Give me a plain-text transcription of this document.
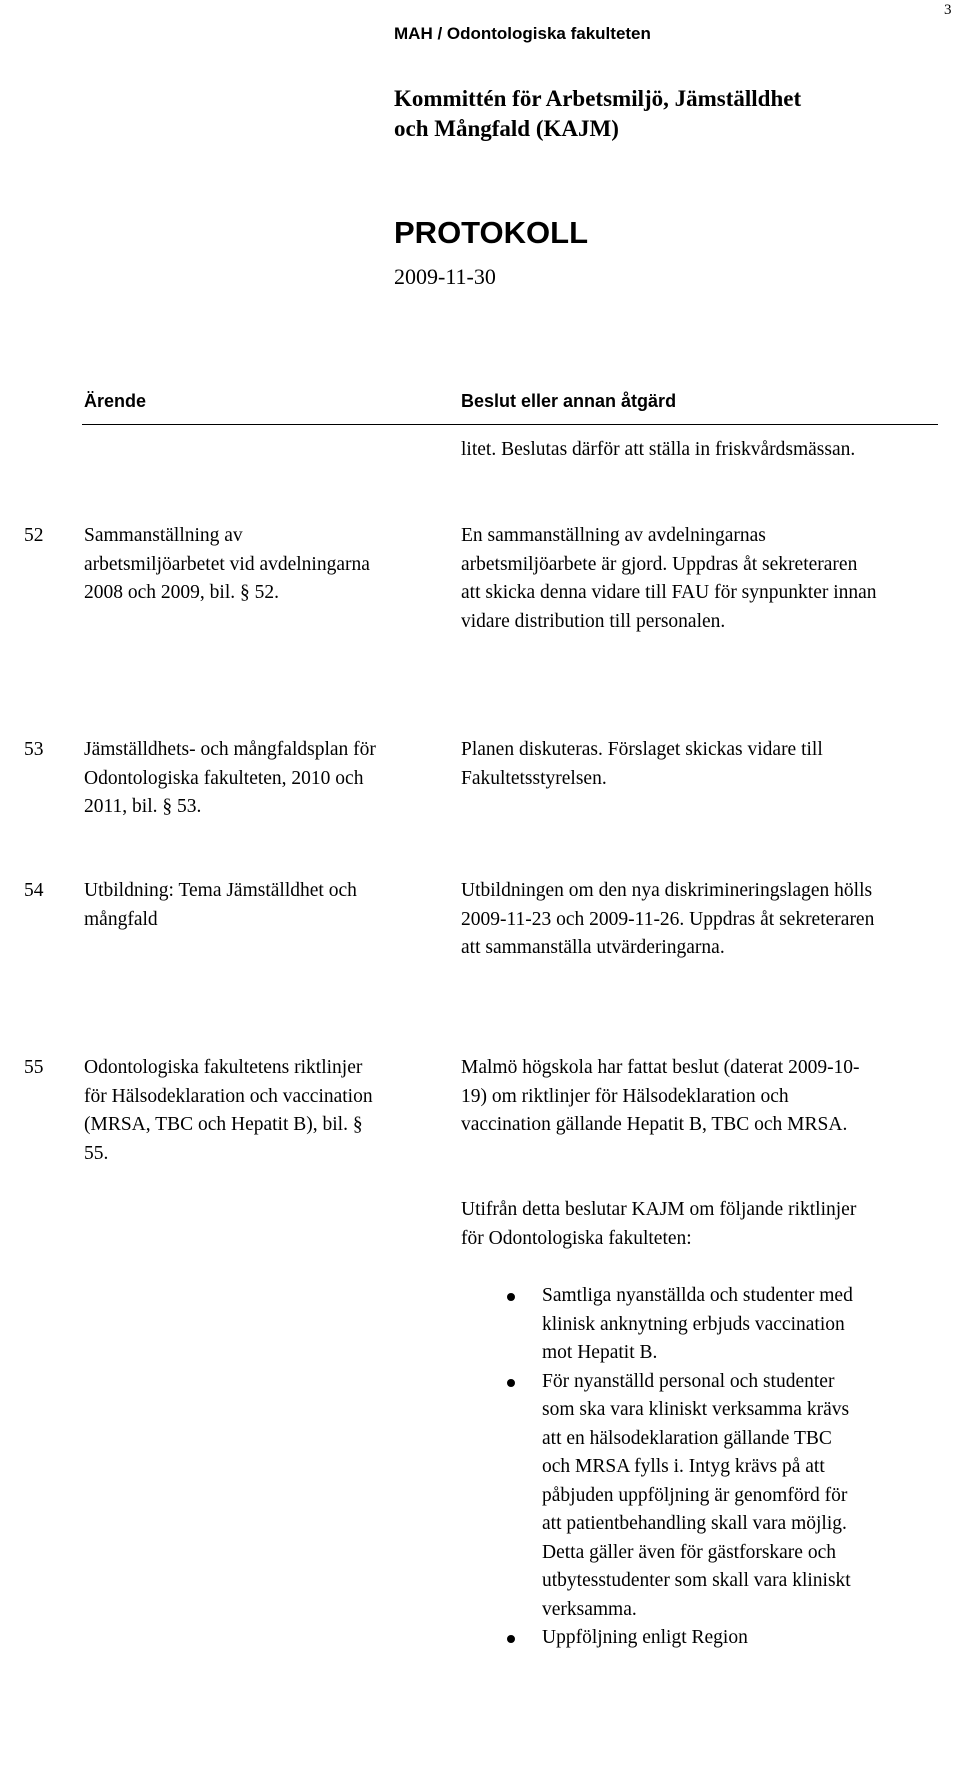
3
MAH / Odontologiska fakulteten
Kommittén för Arbetsmiljö, Jämställdhet
och Mångfald (KAJM)
PROTOKOLL
2009-11-30
Ärende	Beslut eller annan åtgärd
litet. Beslutas därför att ställa in friskvårdsmässan.
52 Sammanställning av arbetsmiljöarbetet vid avdelningarna 2008 och 2009, bil. § 52.
En sammanställning av avdelningarnas arbetsmiljöarbete är gjord. Uppdras åt sekreteraren att skicka denna vidare till FAU för synpunkter innan vidare distribution till personalen.
53 Jämställdhets- och mångfaldsplan för Odontologiska fakulteten, 2010 och 2011, bil. § 53.
Planen diskuteras. Förslaget skickas vidare till Fakultetsstyrelsen.
54 Utbildning: Tema Jämställdhet och mångfald
Utbildningen om den nya diskrimineringslagen hölls 2009-11-23 och 2009-11-26. Uppdras åt sekreteraren att sammanställa utvärderingarna.
55 Odontologiska fakultetens riktlinjer för Hälsodeklaration och vaccination (MRSA, TBC och Hepatit B), bil. § 55.
Malmö högskola har fattat beslut (daterat 2009-10-19) om riktlinjer för Hälsodeklaration och vaccination gällande Hepatit B, TBC och MRSA.
Utifrån detta beslutar KAJM om följande riktlinjer för Odontologiska fakulteten:
Samtliga nyanställda och studenter med klinisk anknytning erbjuds vaccination mot Hepatit B.
För nyanställd personal och studenter som ska vara kliniskt verksamma krävs att en hälsodeklaration gällande TBC och MRSA fylls i. Intyg krävs på att påbjuden uppföljning är genomförd för att patientbehandling skall vara möjlig. Detta gäller även för gästforskare och utbytesstudenter som skall vara kliniskt verksamma.
Uppföljning enligt Region
